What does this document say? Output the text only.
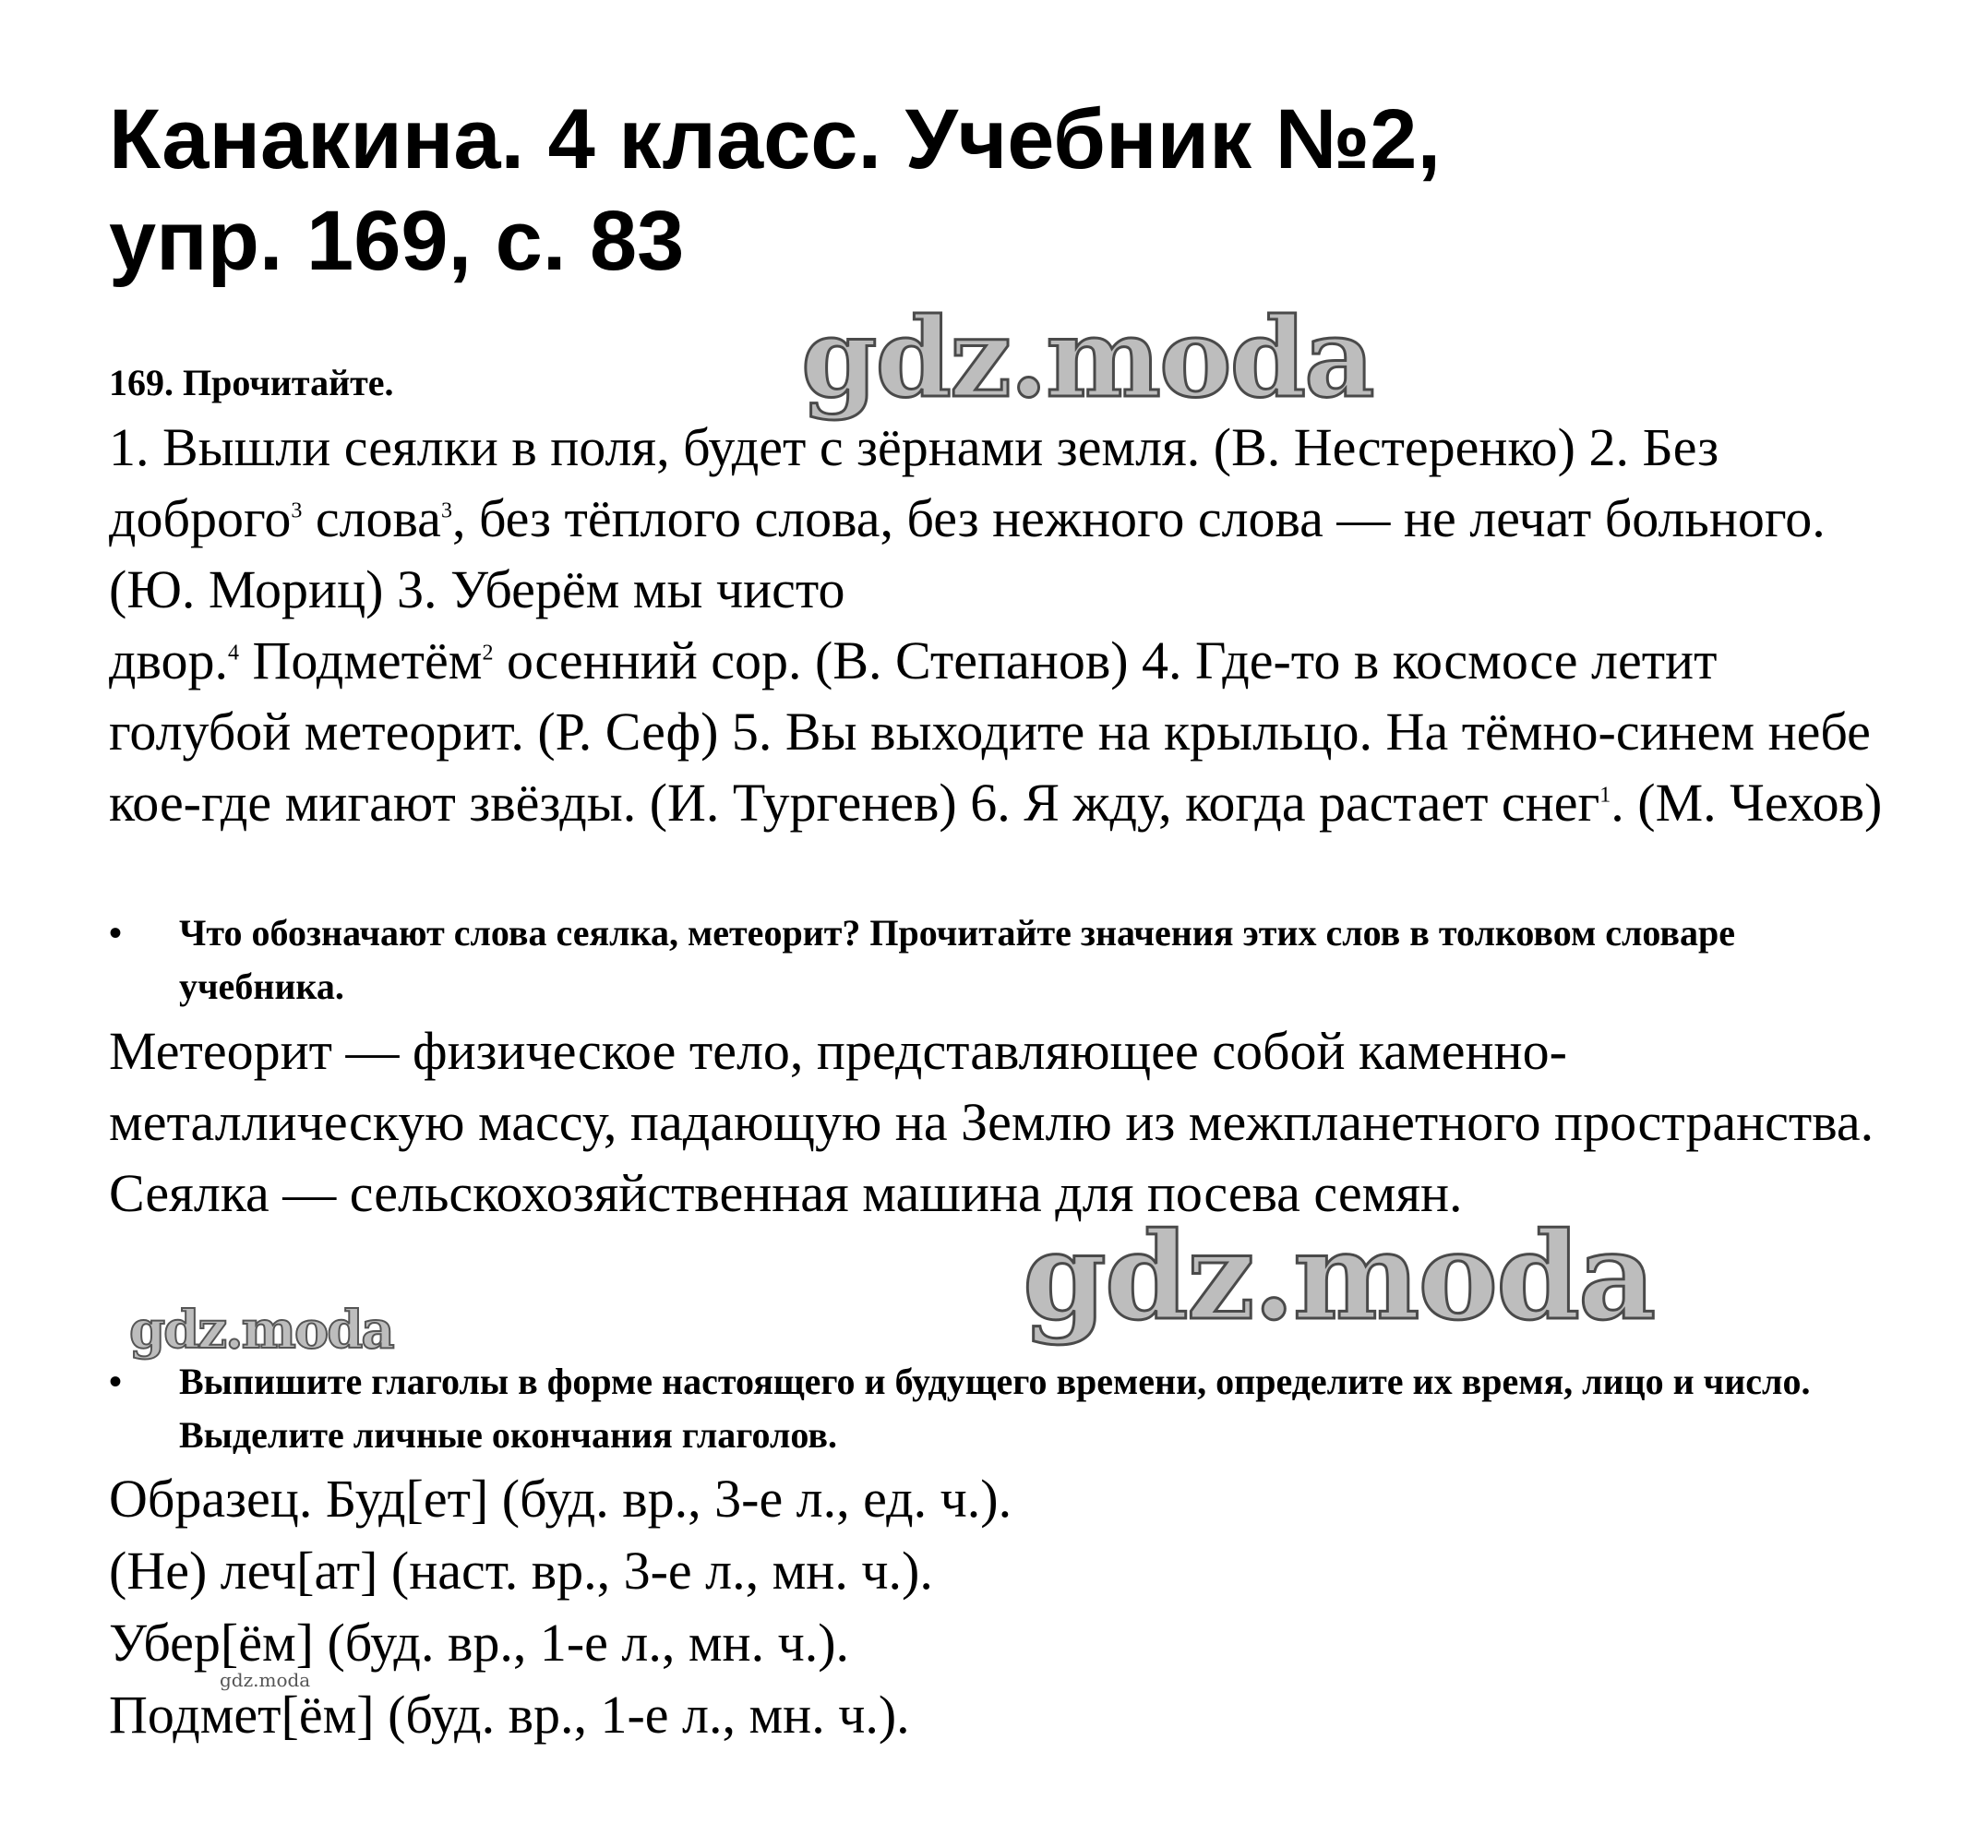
Канакина. 4 класс. Учебник №2,
упр. 169, с. 83
gdz.moda

169. Прочитайте.

1. Вышли сеялки в поля, будет с зёрнами земля. (В. Нестеренко) 2. Без доброго$^3$ слова$^3$, без тёплого слова, без нежного слова — не лечат больного. (Ю. Мориц) 3. Уберём мы чисто
двор.$^4$ Подметём$^2$ осенний сор. (В. Степанов) 4. Где-то в космосе летит голубой метеорит. (Р. Сеф) 5. Вы выходите на крыльцо. На тёмно-синем небе кое-где мигают звёзды. (И. Тургенев) 6. Я жду, когда растает снег$^1$. (М. Чехов)

• Что обозначают слова сеялка, метеорит? Прочитайте значения этих слов в толковом словаре учебника.

Метеорит — физическое тело, представляющее собой каменно-металлическую массу, падающую на Землю из межпланетного пространства. Сеялка — сельскохозяйственная машина для посева семян.

gdz.moda
gdz.moda
• Выпишите глаголы в форме настоящего и будущего времени, определите их время, лицо и число. Выделите личные окончания глаголов.
Образец. Буд[ет] (буд. вр., 3-е л., ед. ч.).
(Не) леч[ат] (наст. вр., 3-е л., мн. ч.).
Убер[ём] (буд. вр., 1-е л., мн. ч.).
Подмет[ём] (буд. вр., 1-е л., мн. ч.).
gdz.moda
